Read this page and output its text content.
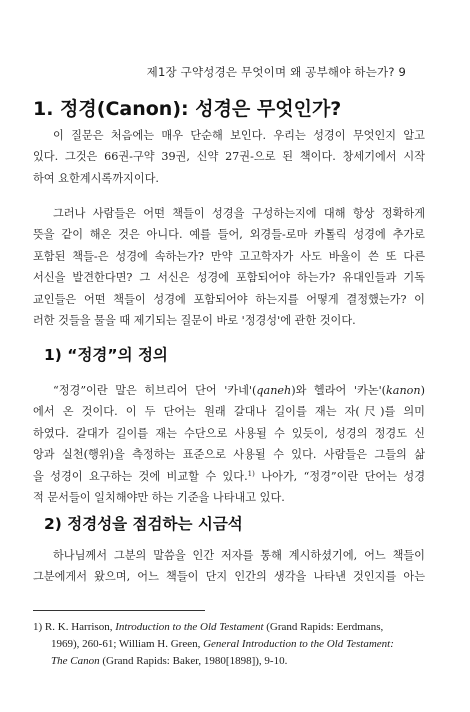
제1장 구약성경은 무엇이며 왜 공부해야 하는가? 9
1. 정경(Canon): 성경은 무엇인가?
이 질문은 처음에는 매우 단순해 보인다. 우리는 성경이 무엇인지 알고
있다. 그것은 66권-구약 39권, 신약 27권-으로 된 책이다. 창세기에서 시작
하여 요한계시록까지이다.
그러나 사람들은 어떤 책들이 성경을 구성하는지에 대해 항상 정확하게
뜻을 같이 해온 것은 아니다. 예를 들어, 외경들-로마 카톨릭 성경에 추가로
포함된 책들-은 성경에 속하는가? 만약 고고학자가 사도 바울이 쓴 또 다른
서신을 발견한다면? 그 서신은 성경에 포함되어야 하는가? 유대인들과 기독
교인들은 어떤 책들이 성경에 포함되어야 하는지를 어떻게 결정했는가? 이
러한 것들을 물을 때 제기되는 질문이 바로 '정경성'에 관한 것이다.
1) “정경”의 정의
“정경”이란 말은 히브리어 단어 '카네'(qaneh)와 헬라어 '카논'(kanon)
에서 온 것이다. 이 두 단어는 원래 갈대나 길이를 재는 자(尺)를 의미
하였다. 갈대가 길이를 재는 수단으로 사용될 수 있듯이, 성경의 정경도 신
앙과 실천(행위)을 측정하는 표준으로 사용될 수 있다. 사람들은 그들의 삶
을 성경이 요구하는 것에 비교할 수 있다.$^{1)}$ 나아가, “정경”이란 단어는 성경
적 문서들이 일치해야만 하는 기준을 나타내고 있다.
2) 정경성을 점검하는 시금석
하나님께서 그분의 말씀을 인간 저자를 통해 계시하셨기에, 어느 책들이
그분에게서 왔으며, 어느 책들이 단지 인간의 생각을 나타낸 것인지를 아는
1) R. K. Harrison, Introduction to the Old Testament (Grand Rapids: Eerdmans,
1969), 260-61; William H. Green, General Introduction to the Old Testament:
The Canon (Grand Rapids: Baker, 1980[1898]), 9-10.
